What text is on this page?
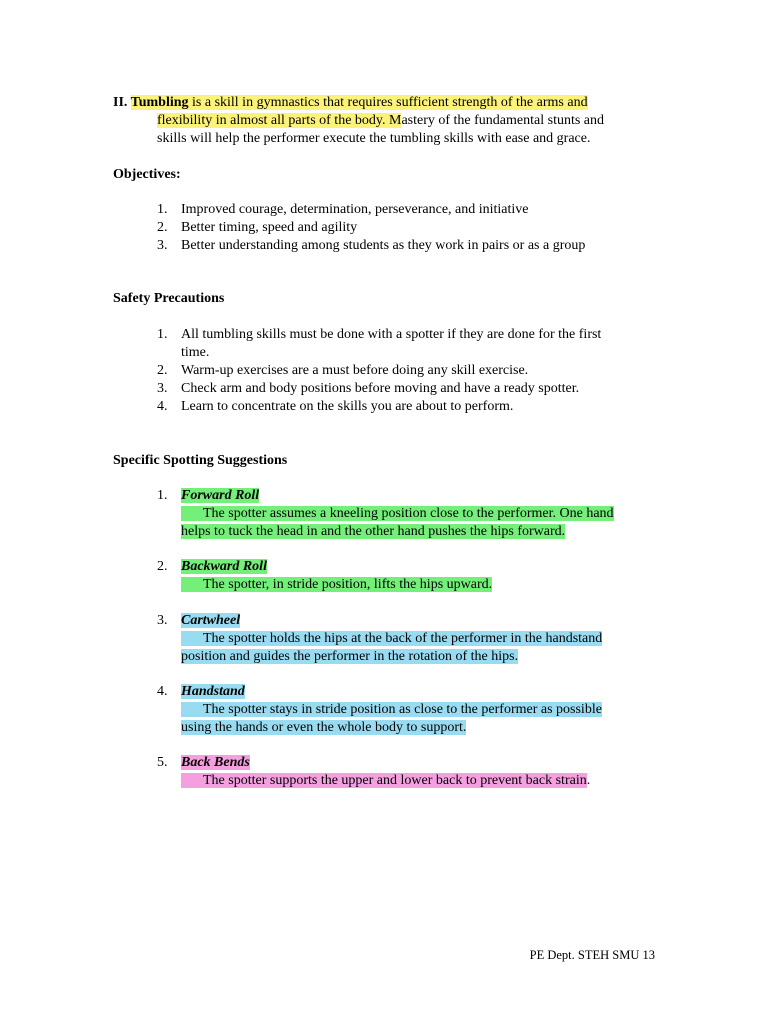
II. Tumbling is a skill in gymnastics that requires sufficient strength of the arms and
flexibility in almost all parts of the body. Mastery of the fundamental stunts and
skills will help the performer execute the tumbling skills with ease and grace.
Objectives:
1. Improved courage, determination, perseverance, and initiative
2. Better timing, speed and agility
3. Better understanding among students as they work in pairs or as a group
Safety Precautions
1. All tumbling skills must be done with a spotter if they are done for the first
time.
2. Warm-up exercises are a must before doing any skill exercise.
3. Check arm and body positions before moving and have a ready spotter.
4. Learn to concentrate on the skills you are about to perform.
Specific Spotting Suggestions
1. Forward Roll
The spotter assumes a kneeling position close to the performer. One hand
helps to tuck the head in and the other hand pushes the hips forward.
2. Backward Roll
The spotter, in stride position, lifts the hips upward.
3. Cartwheel
The spotter holds the hips at the back of the performer in the handstand
position and guides the performer in the rotation of the hips.
4. Handstand
The spotter stays in stride position as close to the performer as possible
using the hands or even the whole body to support.
5. Back Bends
The spotter supports the upper and lower back to prevent back strain.
PE Dept. STEH SMU 13
